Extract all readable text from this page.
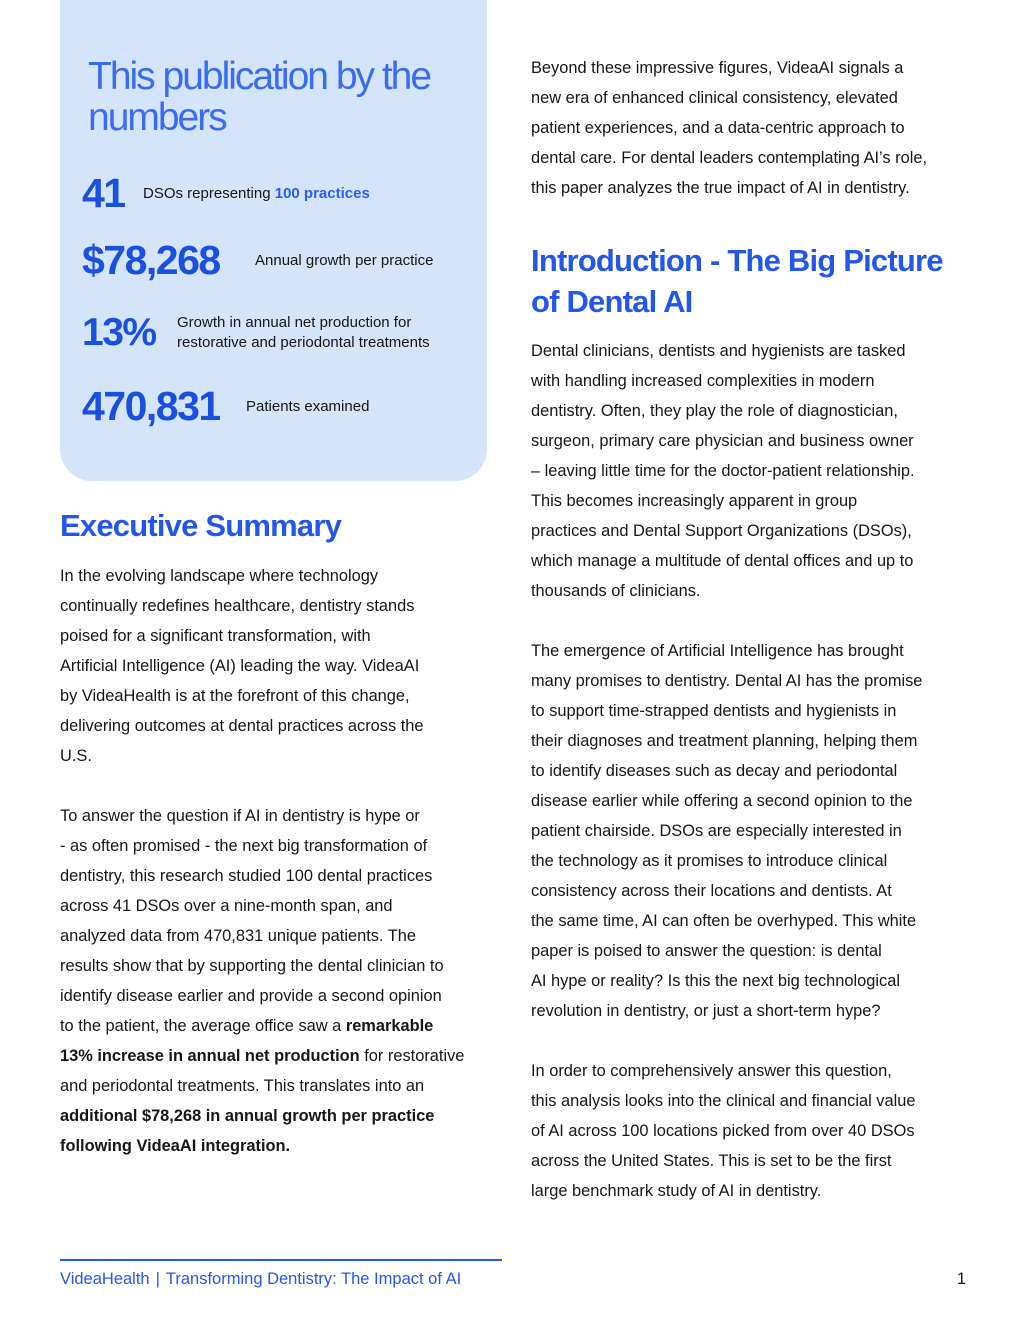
This publication by the numbers
41	DSOs representing 100 practices
$78,268	Annual growth per practice
13%	Growth in annual net production for
restorative and periodontal treatments
470,831	Patients examined
Executive Summary
In the evolving landscape where technology
continually redefines healthcare, dentistry stands
poised for a significant transformation, with
Artificial Intelligence (AI) leading the way. VideaAI
by VideaHealth is at the forefront of this change,
delivering outcomes at dental practices across the
U.S.
To answer the question if AI in dentistry is hype or
- as often promised - the next big transformation of
dentistry, this research studied 100 dental practices
across 41 DSOs over a nine-month span, and
analyzed data from 470,831 unique patients. The
results show that by supporting the dental clinician to
identify disease earlier and provide a second opinion
to the patient, the average office saw a remarkable
13% increase in annual net production for restorative
and periodontal treatments. This translates into an
additional $78,268 in annual growth per practice
following VideaAI integration.
Beyond these impressive figures, VideaAI signals a
new era of enhanced clinical consistency, elevated
patient experiences, and a data-centric approach to
dental care. For dental leaders contemplating AI’s role,
this paper analyzes the true impact of AI in dentistry.
Introduction - The Big Picture
of Dental AI
Dental clinicians, dentists and hygienists are tasked
with handling increased complexities in modern
dentistry. Often, they play the role of diagnostician,
surgeon, primary care physician and business owner
– leaving little time for the doctor-patient relationship.
This becomes increasingly apparent in group
practices and Dental Support Organizations (DSOs),
which manage a multitude of dental offices and up to
thousands of clinicians.
The emergence of Artificial Intelligence has brought
many promises to dentistry. Dental AI has the promise
to support time-strapped dentists and hygienists in
their diagnoses and treatment planning, helping them
to identify diseases such as decay and periodontal
disease earlier while offering a second opinion to the
patient chairside. DSOs are especially interested in
the technology as it promises to introduce clinical
consistency across their locations and dentists. At
the same time, AI can often be overhyped. This white
paper is poised to answer the question: is dental
AI hype or reality? Is this the next big technological
revolution in dentistry, or just a short-term hype?
In order to comprehensively answer this question,
this analysis looks into the clinical and financial value
of AI across 100 locations picked from over 40 DSOs
across the United States. This is set to be the first
large benchmark study of AI in dentistry.
VideaHealth | Transforming Dentistry: The Impact of AI	1
